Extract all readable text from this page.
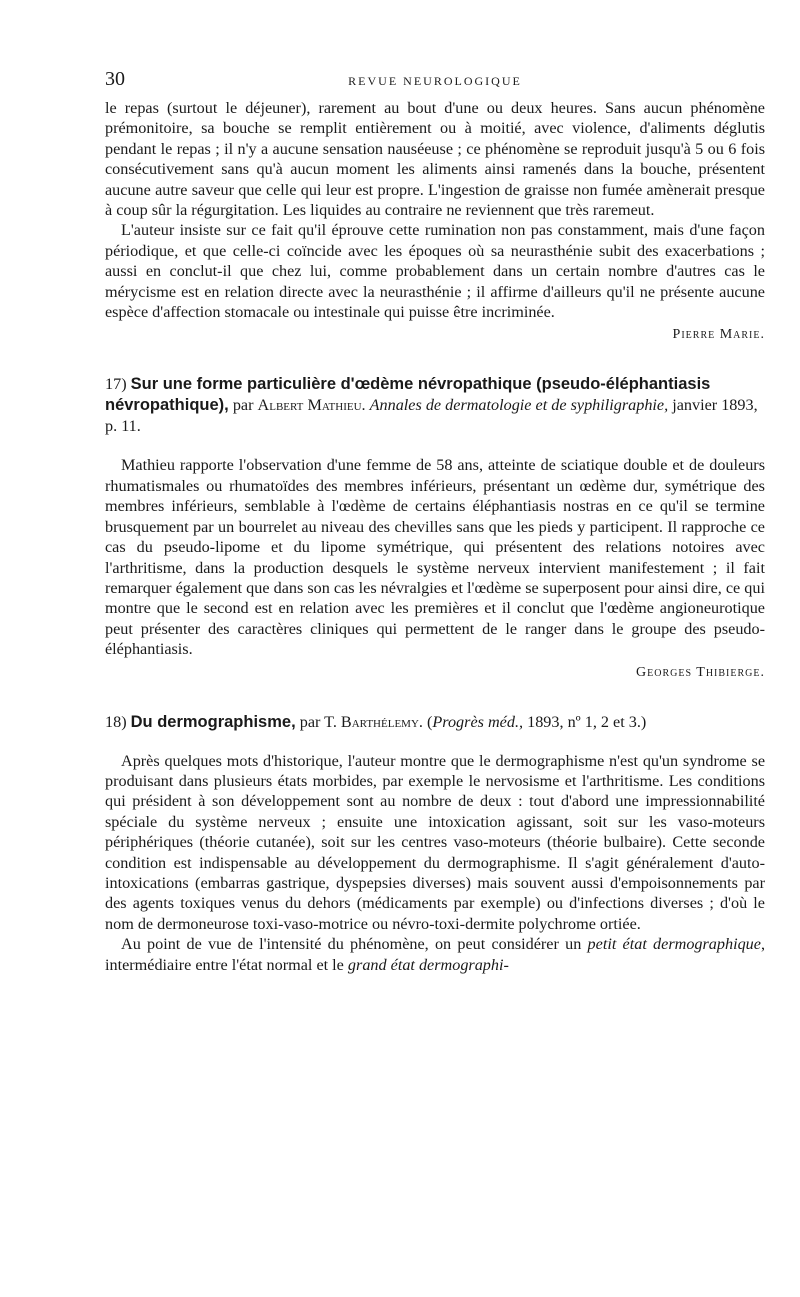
30	REVUE NEUROLOGIQUE

le repas (surtout le déjeuner), rarement au bout d'une ou deux heures. Sans aucun phénomène prémonitoire, sa bouche se remplit entièrement ou à moitié, avec violence, d'aliments déglutis pendant le repas ; il n'y a aucune sensation nauséeuse ; ce phénomène se reproduit jusqu'à 5 ou 6 fois consécutivement sans qu'à aucun moment les aliments ainsi ramenés dans la bouche, présentent aucune autre saveur que celle qui leur est propre. L'ingestion de graisse non fumée amènerait presque à coup sûr la régurgitation. Les liquides au contraire ne reviennent que très raremeut.

L'auteur insiste sur ce fait qu'il éprouve cette rumination non pas constamment, mais d'une façon périodique, et que celle-ci coïncide avec les époques où sa neurasthénie subit des exacerbations ; aussi en conclut-il que chez lui, comme probablement dans un certain nombre d'autres cas le mérycisme est en relation directe avec la neurasthénie ; il affirme d'ailleurs qu'il ne présente aucune espèce d'affection stomacale ou intestinale qui puisse être incriminée.

Pierre Marie.

17) Sur une forme particulière d'œdème névropathique (pseudo-éléphantiasis névropathique), par Albert Mathieu. Annales de dermatologie et de syphiligraphie, janvier 1893, p. 11.

Mathieu rapporte l'observation d'une femme de 58 ans, atteinte de sciatique double et de douleurs rhumatismales ou rhumatoïdes des membres inférieurs, présentant un œdème dur, symétrique des membres inférieurs, semblable à l'œdème de certains éléphantiasis nostras en ce qu'il se termine brusquement par un bourrelet au niveau des chevilles sans que les pieds y participent. Il rapproche ce cas du pseudo-lipome et du lipome symétrique, qui présentent des relations notoires avec l'arthritisme, dans la production desquels le système nerveux intervient manifestement ; il fait remarquer également que dans son cas les névralgies et l'œdème se superposent pour ainsi dire, ce qui montre que le second est en relation avec les premières et il conclut que l'œdème angioneurotique peut présenter des caractères cliniques qui permettent de le ranger dans le groupe des pseudo-éléphantiasis.

Georges Thibierge.

18) Du dermographisme, par T. Barthélemy. (Progrès méd., 1893, nº 1, 2 et 3.)

Après quelques mots d'historique, l'auteur montre que le dermographisme n'est qu'un syndrome se produisant dans plusieurs états morbides, par exemple le nervosisme et l'arthritisme. Les conditions qui président à son développement sont au nombre de deux : tout d'abord une impressionnabilité spéciale du système nerveux ; ensuite une intoxication agissant, soit sur les vaso-moteurs périphériques (théorie cutanée), soit sur les centres vaso-moteurs (théorie bulbaire). Cette seconde condition est indispensable au développement du dermographisme. Il s'agit généralement d'auto-intoxications (embarras gastrique, dyspepsies diverses) mais souvent aussi d'empoisonnements par des agents toxiques venus du dehors (médicaments par exemple) ou d'infections diverses ; d'où le nom de dermoneurose toxi-vaso-motrice ou névro-toxi-dermite polychrome ortiée.

Au point de vue de l'intensité du phénomène, on peut considérer un petit état dermographique, intermédiaire entre l'état normal et le grand état dermographi-
